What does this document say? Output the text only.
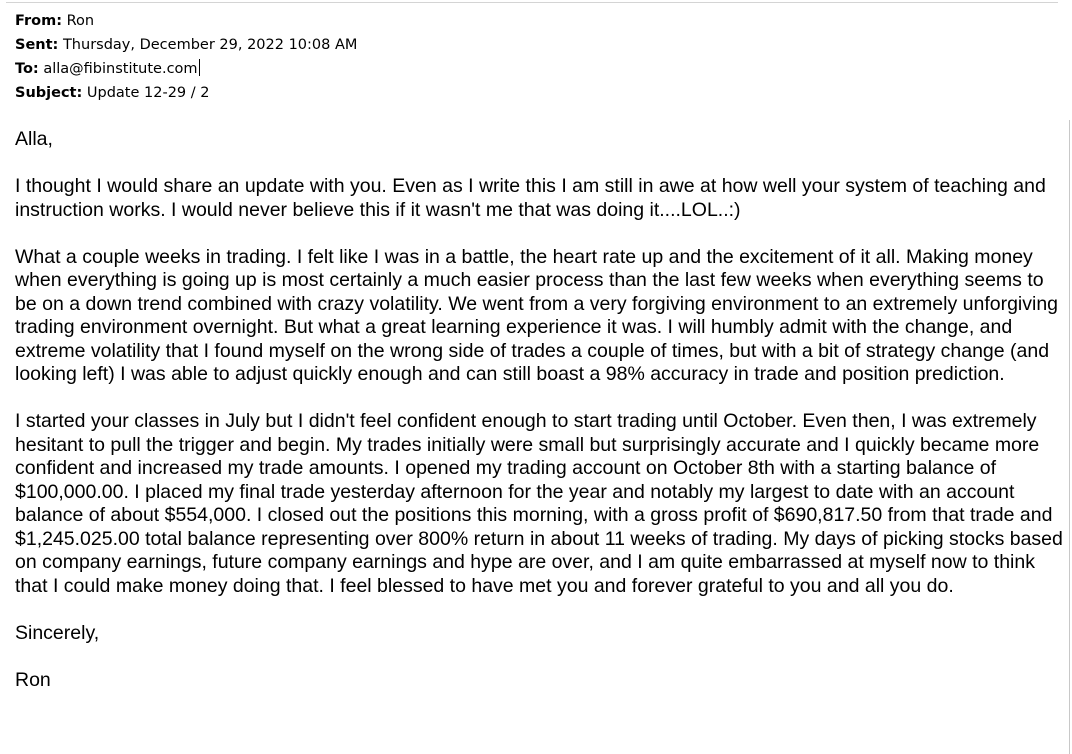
From: Ron
Sent: Thursday, December 29, 2022 10:08 AM
To: alla@fibinstitute.com
Subject: Update 12-29 / 2

Alla,

I thought I would share an update with you. Even as I write this I am still in awe at how well your system of teaching and instruction works. I would never believe this if it wasn't me that was doing it....LOL..:)

What a couple weeks in trading. I felt like I was in a battle, the heart rate up and the excitement of it all. Making money when everything is going up is most certainly a much easier process than the last few weeks when everything seems to be on a down trend combined with crazy volatility. We went from a very forgiving environment to an extremely unforgiving trading environment overnight. But what a great learning experience it was. I will humbly admit with the change, and extreme volatility that I found myself on the wrong side of trades a couple of times, but with a bit of strategy change (and looking left) I was able to adjust quickly enough and can still boast a 98% accuracy in trade and position prediction.

I started your classes in July but I didn't feel confident enough to start trading until October. Even then, I was extremely hesitant to pull the trigger and begin. My trades initially were small but surprisingly accurate and I quickly became more confident and increased my trade amounts. I opened my trading account on October 8th with a starting balance of $100,000.00. I placed my final trade yesterday afternoon for the year and notably my largest to date with an account balance of about $554,000. I closed out the positions this morning, with a gross profit of $690,817.50 from that trade and $1,245.025.00 total balance representing over 800% return in about 11 weeks of trading. My days of picking stocks based on company earnings, future company earnings and hype are over, and I am quite embarrassed at myself now to think that I could make money doing that. I feel blessed to have met you and forever grateful to you and all you do.

Sincerely,

Ron
